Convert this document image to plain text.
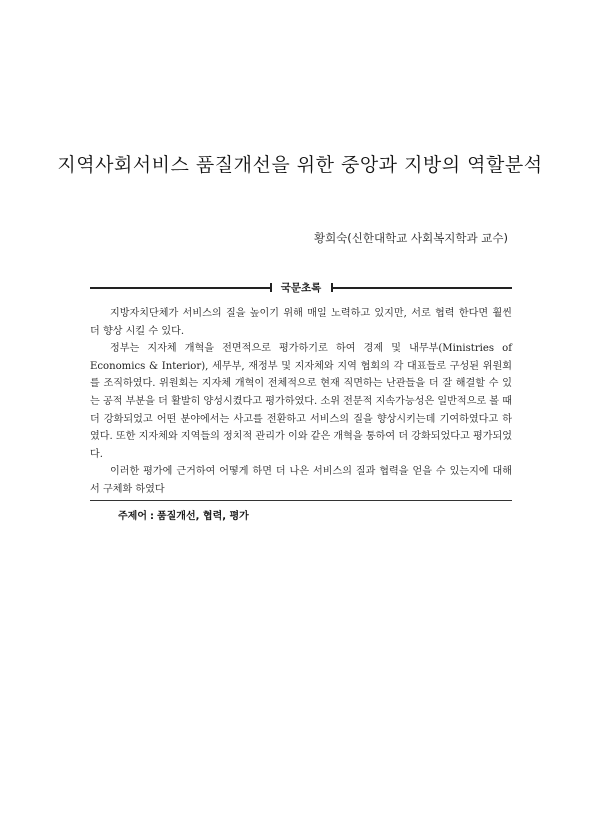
지역사회서비스 품질개선을 위한 중앙과 지방의 역할분석
황희숙(신한대학교 사회복지학과 교수)
국문초록

지방자치단체가 서비스의 질을 높이기 위해 매일 노력하고 있지만, 서로 협력 한다면 훨씬 더 향상 시킬 수 있다.

정부는 지자체 개혁을 전면적으로 평가하기로 하여 경제 및 내무부(Ministries of Economics & Interior), 세무부, 재정부 및 지자체와 지역 협회의 각 대표들로 구성된 위원회를 조직하였다. 위원회는 지자체 개혁이 전체적으로 현재 직면하는 난관들을 더 잘 해결할 수 있는 공적 부분을 더 활발히 양성시켰다고 평가하였다. 소위 전문적 지속가능성은 일반적으로 볼 때 더 강화되었고 어떤 분야에서는 사고를 전환하고 서비스의 질을 향상시키는데 기여하였다고 하였다. 또한 지자체와 지역들의 정치적 관리가 이와 같은 개혁을 통하여 더 강화되었다고 평가되었다.

이러한 평가에 근거하여 어떻게 하면 더 나은 서비스의 질과 협력을 얻을 수 있는지에 대해서 구체화 하였다

주제어 : 품질개선, 협력, 평가
